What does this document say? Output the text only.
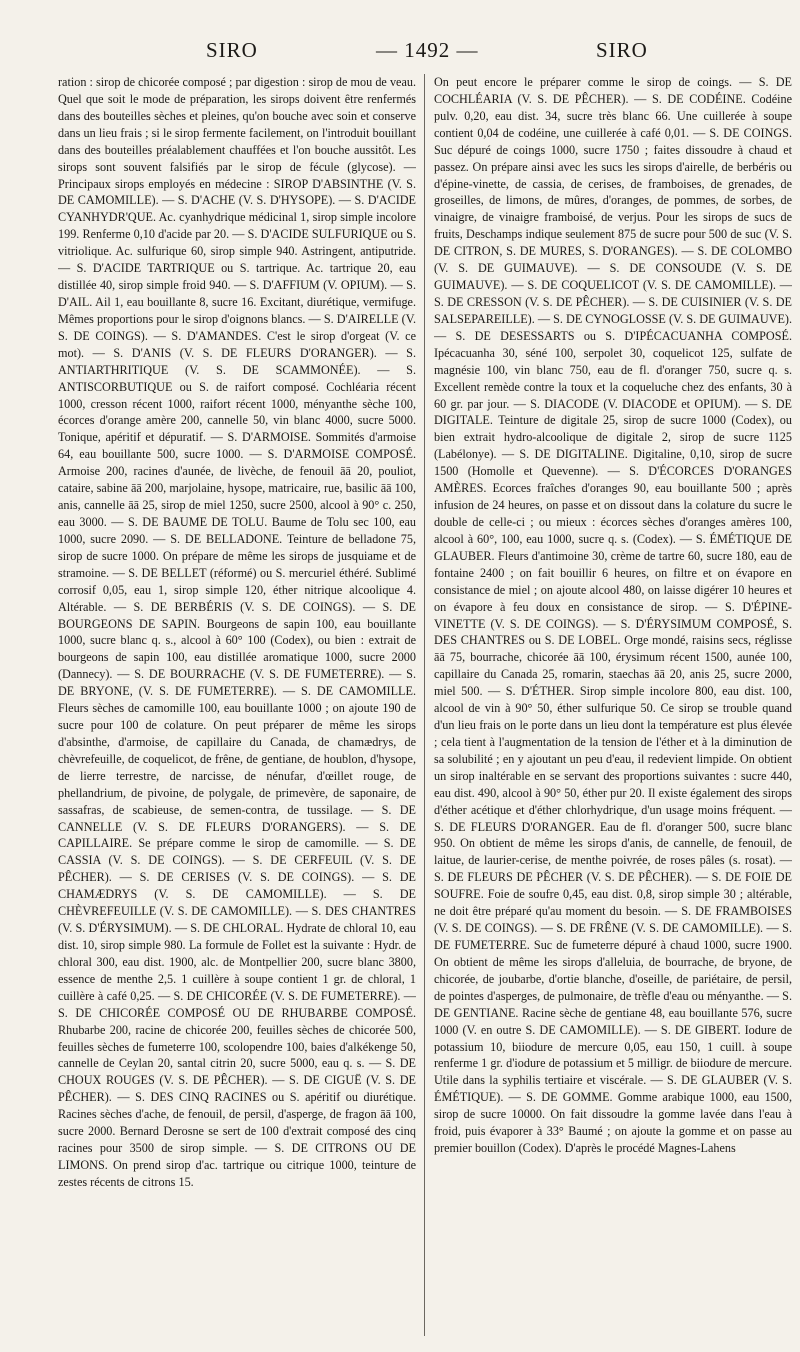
SIRO	— 1492 —	SIRO

ration : sirop de chicorée composé ; par digestion : sirop de mou de veau. Quel que soit le mode de préparation, les sirops doivent être renfermés dans des bouteilles sèches et pleines, qu'on bouche avec soin et conserve dans un lieu frais ; si le sirop fermente facilement, on l'introduit bouillant dans des bouteilles préalablement chauffées et l'on bouche aussitôt. Les sirops sont souvent falsifiés par le sirop de fécule (glycose). — Principaux sirops employés en médecine : SIROP D'ABSINTHE (V. S. DE CAMOMILLE). — S. D'ACHE (V. S. D'HYSOPE). — S. D'ACIDE CYANHYDR'QUE. Ac. cyanhydrique médicinal 1, sirop simple incolore 199. Renferme 0,10 d'acide par 20. — S. D'ACIDE SULFURIQUE ou S. vitriolique. Ac. sulfurique 60, sirop simple 940. Astringent, antiputride. — S. D'ACIDE TARTRIQUE ou S. tartrique. Ac. tartrique 20, eau distillée 40, sirop simple froid 940. — S. D'AFFIUM (V. OPIUM). — S. D'AIL. Ail 1, eau bouillante 8, sucre 16. Excitant, diurétique, vermifuge. Mêmes proportions pour le sirop d'oignons blancs. — S. D'AIRELLE (V. S. DE COINGS). — S. D'AMANDES. C'est le sirop d'orgeat (V. ce mot). — S. D'ANIS (V. S. DE FLEURS D'ORANGER). — S. ANTIARTHRITIQUE (V. S. DE SCAMMONÉE). — S. ANTISCORBUTIQUE ou S. de raifort composé. Cochléaria récent 1000, cresson récent 1000, raifort récent 1000, ményanthe sèche 100, écorces d'orange amère 200, cannelle 50, vin blanc 4000, sucre 5000. Tonique, apéritif et dépuratif. — S. D'ARMOISE. Sommités d'armoise 64, eau bouillante 500, sucre 1000. — S. D'ARMOISE COMPOSÉ. Armoise 200, racines d'aunée, de livèche, de fenouil āā 20, pouliot, cataire, sabine āā 200, marjolaine, hysope, matricaire, rue, basilic āā 100, anis, cannelle āā 25, sirop de miel 1250, sucre 2500, alcool à 90° c. 250, eau 3000. — S. DE BAUME DE TOLU. Baume de Tolu sec 100, eau 1000, sucre 2090. — S. DE BELLADONE. Teinture de belladone 75, sirop de sucre 1000. On prépare de même les sirops de jusquiame et de stramoine. — S. DE BELLET (réformé) ou S. mercuriel éthéré. Sublimé corrosif 0,05, eau 1, sirop simple 120, éther nitrique alcoolique 4. Altérable. — S. DE BERBÉRIS (V. S. DE COINGS). — S. DE BOURGEONS DE SAPIN. Bourgeons de sapin 100, eau bouillante 1000, sucre blanc q. s., alcool à 60° 100 (Codex), ou bien : extrait de bourgeons de sapin 100, eau distillée aromatique 1000, sucre 2000 (Dannecy). — S. DE BOURRACHE (V. S. DE FUMETERRE). — S. DE BRYONE, (V. S. DE FUMETERRE). — S. DE CAMOMILLE. Fleurs sèches de camomille 100, eau bouillante 1000 ; on ajoute 190 de sucre pour 100 de colature. On peut préparer de même les sirops d'absinthe, d'armoise, de capillaire du Canada, de chamædrys, de chèvrefeuille, de coquelicot, de frêne, de gentiane, de houblon, d'hysope, de lierre terrestre, de narcisse, de nénufar, d'œillet rouge, de phellandrium, de pivoine, de polygale, de primevère, de saponaire, de sassafras, de scabieuse, de semen-contra, de tussilage. — S. DE CANNELLE (V. S. DE FLEURS D'ORANGERS). — S. DE CAPILLAIRE. Se prépare comme le sirop de camomille. — S. DE CASSIA (V. S. DE COINGS). — S. DE CERFEUIL (V. S. DE PÊCHER). — S. DE CERISES (V. S. DE COINGS). — S. DE CHAMÆDRYS (V. S. DE CAMOMILLE). — S. DE CHÈVREFEUILLE (V. S. DE CAMOMILLE). — S. DES CHANTRES (V. S. D'ÉRYSIMUM). — S. DE CHLORAL. Hydrate de chloral 10, eau dist. 10, sirop simple 980. La formule de Follet est la suivante : Hydr. de chloral 300, eau dist. 1900, alc. de Montpellier 200, sucre blanc 3800, essence de menthe 2,5. 1 cuillère à soupe contient 1 gr. de chloral, 1 cuillère à café 0,25. — S. DE CHICORÉE (V. S. DE FUMETERRE). — S. DE CHICORÉE COMPOSÉ OU DE RHUBARBE COMPOSÉ. Rhubarbe 200, racine de chicorée 200, feuilles sèches de chicorée 500, feuilles sèches de fumeterre 100, scolopendre 100, baies d'alkékenge 50, cannelle de Ceylan 20, santal citrin 20, sucre 5000, eau q. s. — S. DE CHOUX ROUGES (V. S. DE PÊCHER). — S. DE CIGUË (V. S. DE PÊCHER). — S. DES CINQ RACINES ou S. apéritif ou diurétique. Racines sèches d'ache, de fenouil, de persil, d'asperge, de fragon āā 100, sucre 2000. Bernard Derosne se sert de 100 d'extrait composé des cinq racines pour 3500 de sirop simple. — S. DE CITRONS OU DE LIMONS. On prend sirop d'ac. tartrique ou citrique 1000, teinture de zestes récents de citrons 15.

On peut encore le préparer comme le sirop de coings. — S. DE COCHLÉARIA (V. S. DE PÊCHER). — S. DE CODÉINE. Codéine pulv. 0,20, eau dist. 34, sucre très blanc 66. Une cuillerée à soupe contient 0,04 de codéine, une cuillerée à café 0,01. — S. DE COINGS. Suc dépuré de coings 1000, sucre 1750 ; faites dissoudre à chaud et passez. On prépare ainsi avec les sucs les sirops d'airelle, de berbéris ou d'épine-vinette, de cassia, de cerises, de framboises, de grenades, de groseilles, de limons, de mûres, d'oranges, de pommes, de sorbes, de vinaigre, de vinaigre framboisé, de verjus. Pour les sirops de sucs de fruits, Deschamps indique seulement 875 de sucre pour 500 de suc (V. S. DE CITRON, S. DE MURES, S. D'ORANGES). — S. DE COLOMBO (V. S. DE GUIMAUVE). — S. DE CONSOUDE (V. S. DE GUIMAUVE). — S. DE COQUELICOT (V. S. DE CAMOMILLE). — S. DE CRESSON (V. S. DE PÊCHER). — S. DE CUISINIER (V. S. DE SALSEPAREILLE). — S. DE CYNOGLOSSE (V. S. DE GUIMAUVE). — S. DE DESESSARTS ou S. D'IPÉCACUANHA COMPOSÉ. Ipécacuanha 30, séné 100, serpolet 30, coquelicot 125, sulfate de magnésie 100, vin blanc 750, eau de fl. d'oranger 750, sucre q. s. Excellent remède contre la toux et la coqueluche chez des enfants, 30 à 60 gr. par jour. — S. DIACODE (V. DIACODE et OPIUM). — S. DE DIGITALE. Teinture de digitale 25, sirop de sucre 1000 (Codex), ou bien extrait hydro-alcoolique de digitale 2, sirop de sucre 1125 (Labélonye). — S. DE DIGITALINE. Digitaline, 0,10, sirop de sucre 1500 (Homolle et Quevenne). — S. D'ÉCORCES D'ORANGES AMÈRES. Ecorces fraîches d'oranges 90, eau bouillante 500 ; après infusion de 24 heures, on passe et on dissout dans la colature du sucre le double de celle-ci ; ou mieux : écorces sèches d'oranges amères 100, alcool à 60°, 100, eau 1000, sucre q. s. (Codex). — S. ÉMÉTIQUE DE GLAUBER. Fleurs d'antimoine 30, crème de tartre 60, sucre 180, eau de fontaine 2400 ; on fait bouillir 6 heures, on filtre et on évapore en consistance de miel ; on ajoute alcool 480, on laisse digérer 10 heures et on évapore à feu doux en consistance de sirop. — S. D'ÉPINE-VINETTE (V. S. DE COINGS). — S. D'ÉRYSIMUM COMPOSÉ, S. DES CHANTRES ou S. DE LOBEL. Orge mondé, raisins secs, réglisse āā 75, bourrache, chicorée āā 100, érysimum récent 1500, aunée 100, capillaire du Canada 25, romarin, staechas āā 20, anis 25, sucre 2000, miel 500. — S. D'ÉTHER. Sirop simple incolore 800, eau dist. 100, alcool de vin à 90° 50, éther sulfurique 50. Ce sirop se trouble quand d'un lieu frais on le porte dans un lieu dont la température est plus élevée ; cela tient à l'augmentation de la tension de l'éther et à la diminution de sa solubilité ; en y ajoutant un peu d'eau, il redevient limpide. On obtient un sirop inaltérable en se servant des proportions suivantes : sucre 440, eau dist. 490, alcool à 90° 50, éther pur 20. Il existe également des sirops d'éther acétique et d'éther chlorhydrique, d'un usage moins fréquent. — S. DE FLEURS D'ORANGER. Eau de fl. d'oranger 500, sucre blanc 950. On obtient de même les sirops d'anis, de cannelle, de fenouil, de laitue, de laurier-cerise, de menthe poivrée, de roses pâles (s. rosat). — S. DE FLEURS DE PÊCHER (V. S. DE PÊCHER). — S. DE FOIE DE SOUFRE. Foie de soufre 0,45, eau dist. 0,8, sirop simple 30 ; altérable, ne doit être préparé qu'au moment du besoin. — S. DE FRAMBOISES (V. S. DE COINGS). — S. DE FRÊNE (V. S. DE CAMOMILLE). — S. DE FUMETERRE. Suc de fumeterre dépuré à chaud 1000, sucre 1900. On obtient de même les sirops d'alleluia, de bourrache, de bryone, de chicorée, de joubarbe, d'ortie blanche, d'oseille, de pariétaire, de persil, de pointes d'asperges, de pulmonaire, de trèfle d'eau ou ményanthe. — S. DE GENTIANE. Racine sèche de gentiane 48, eau bouillante 576, sucre 1000 (V. en outre S. DE CAMOMILLE). — S. DE GIBERT. Iodure de potassium 10, biiodure de mercure 0,05, eau 150, 1 cuill. à soupe renferme 1 gr. d'iodure de potassium et 5 milligr. de biiodure de mercure. Utile dans la syphilis tertiaire et viscérale. — S. DE GLAUBER (V. S. ÉMÉTIQUE). — S. DE GOMME. Gomme arabique 1000, eau 1500, sirop de sucre 10000. On fait dissoudre la gomme lavée dans l'eau à froid, puis évaporer à 33° Baumé ; on ajoute la gomme et on passe au premier bouillon (Codex). D'après le procédé Magnes-Lahens
